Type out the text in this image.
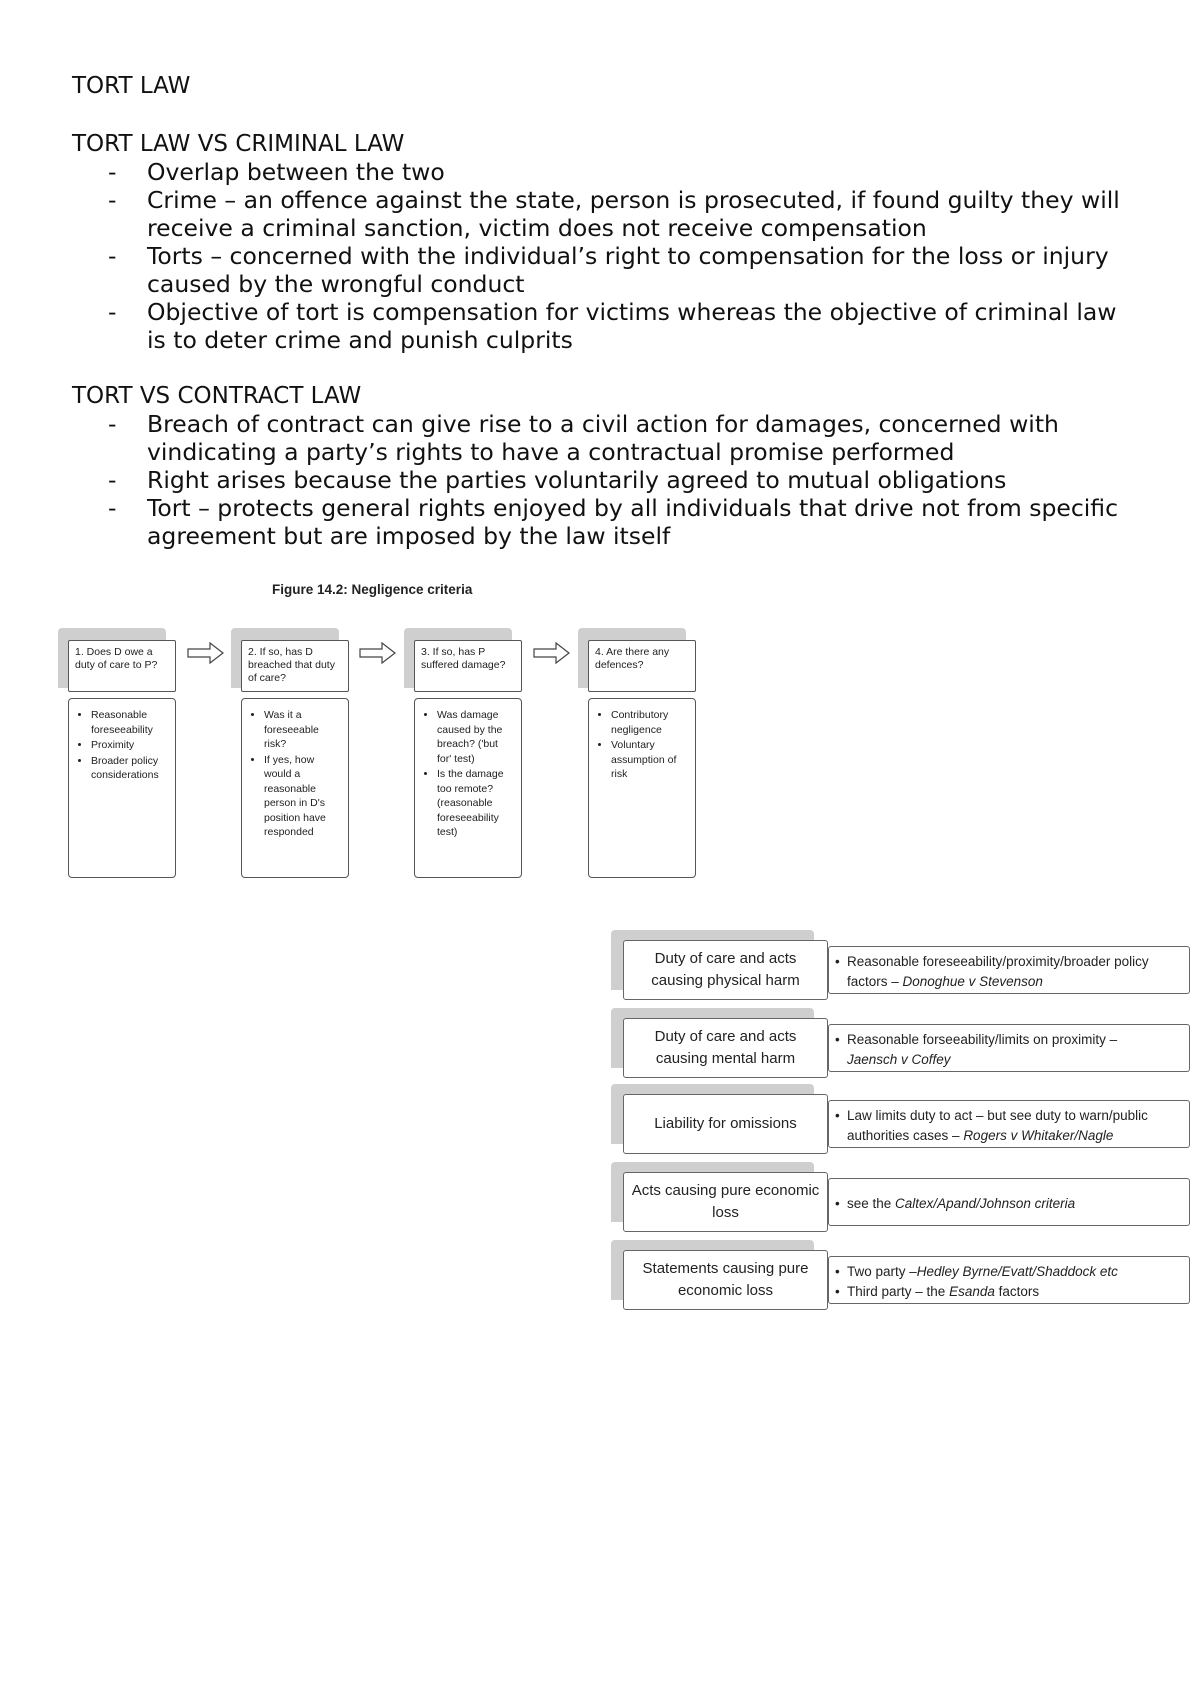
TORT LAW
TORT LAW VS CRIMINAL LAW
- Overlap between the two
- Crime – an offence against the state, person is prosecuted, if found guilty they will receive a criminal sanction, victim does not receive compensation
- Torts – concerned with the individual’s right to compensation for the loss or injury caused by the wrongful conduct
- Objective of tort is compensation for victims whereas the objective of criminal law is to deter crime and punish culprits
TORT VS CONTRACT LAW
- Breach of contract can give rise to a civil action for damages, concerned with vindicating a party’s rights to have a contractual promise performed
- Right arises because the parties voluntarily agreed to mutual obligations
- Tort – protects general rights enjoyed by all individuals that drive not from specific agreement but are imposed by the law itself

Figure 14.2: Negligence criteria

1. Does D owe a duty of care to P?
• Reasonable foreseeability
• Proximity
• Broader policy considerations
2. If so, has D breached that duty of care?
• Was it a foreseeable risk?
• If yes, how would a reasonable person in D's position have responded
3. If so, has P suffered damage?
• Was damage caused by the breach? ('but for' test)
• Is the damage too remote? (reasonable foreseeability test)
4. Are there any defences?
• Contributory negligence
• Voluntary assumption of risk
Duty of care and acts causing physical harm
• Reasonable foreseeability/proximity/broader policy
factors – Donoghue v Stevenson
Duty of care and acts causing mental harm
• Reasonable forseeability/limits on proximity –
Jaensch v Coffey
Liability for omissions
•	Law limits duty to act – but see duty to warn/public
authorities cases – Rogers v Whitaker/Nagle
Acts causing pure economic loss
• see the Caltex/Apand/Johnson criteria
Statements causing pure economic loss
• Two party –Hedley Byrne/Evatt/Shaddock etc
• Third party – the Esanda factors
